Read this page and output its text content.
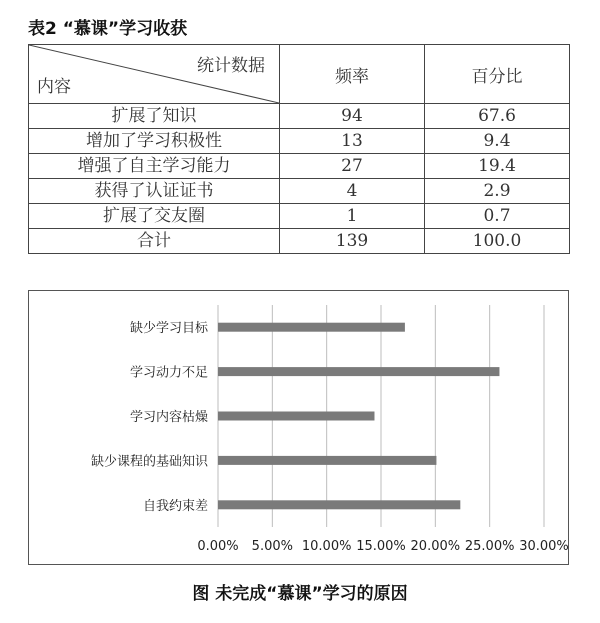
表2 “慕课”学习收获
统计数据
内容	频率	百分比
扩展了知识	94	67.6
增加了学习积极性	13	9.4
增强了自主学习能力	27	19.4
获得了认证证书	4	2.9
扩展了交友圈	1	0.7
合计	139	100.0
0.00% 5.00% 10.00% 15.00% 20.00% 25.00% 30.00%
缺少学习目标
学习动力不足
学习内容枯燥
缺少课程的基础知识
自我约束差
图 未完成“慕课”学习的原因
